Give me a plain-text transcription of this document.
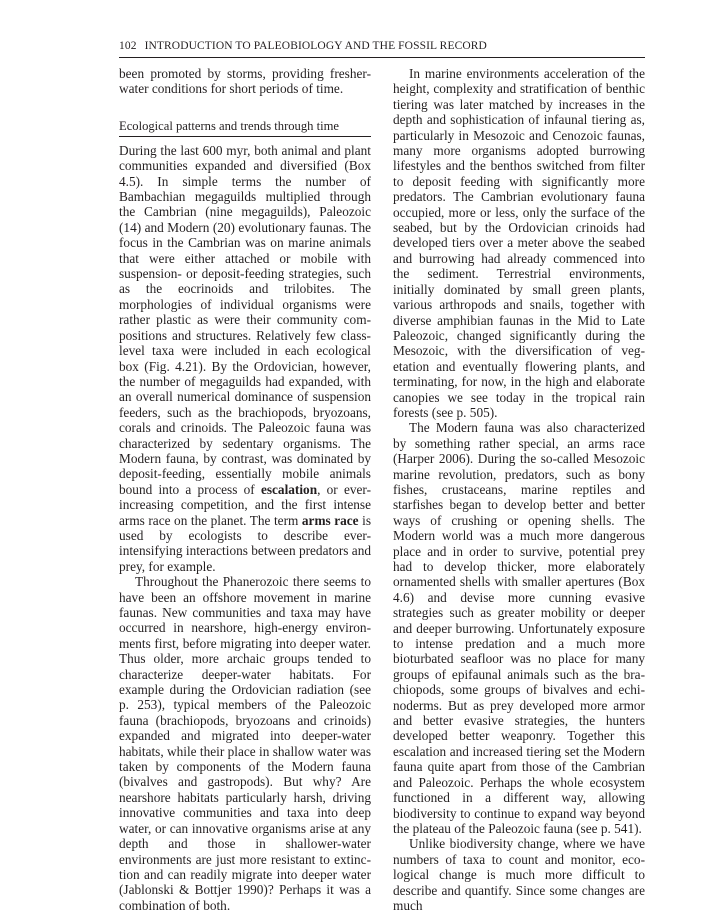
102 INTRODUCTION TO PALEOBIOLOGY AND THE FOSSIL RECORD

been promoted by storms, providing fresher-water conditions for short periods of time.

Ecological patterns and trends through time

During the last 600 myr, both animal and plant communities expanded and diversified (Box 4.5). In simple terms the number of Bambachian megaguilds multiplied through the Cambrian (nine megaguilds), Paleozoic (14) and Modern (20) evolutionary faunas. The focus in the Cambrian was on marine animals that were either attached or mobile with suspension- or deposit-feeding strategies, such as the eocrinoids and trilobites. The morphologies of individual organisms were rather plastic as were their community compositions and structures. Relatively few class-level taxa were included in each ecological box (Fig. 4.21). By the Ordovician, however, the number of megaguilds had expanded, with an overall numerical dominance of suspension feeders, such as the brachiopods, bryozoans, corals and crinoids. The Paleozoic fauna was characterized by sedentary organisms. The Modern fauna, by contrast, was dominated by deposit-feeding, essentially mobile animals bound into a process of escalation, or ever-increasing competition, and the first intense arms race on the planet. The term arms race is used by ecologists to describe ever-intensifying interactions between predators and prey, for example.

Throughout the Phanerozoic there seems to have been an offshore movement in marine faunas. New communities and taxa may have occurred in nearshore, high-energy environments first, before migrating into deeper water. Thus older, more archaic groups tended to characterize deeper-water habitats. For example during the Ordovician radiation (see p. 253), typical members of the Paleozoic fauna (brachiopods, bryozoans and crinoids) expanded and migrated into deeper-water habitats, while their place in shallow water was taken by components of the Modern fauna (bivalves and gastropods). But why? Are nearshore habitats particularly harsh, driving innovative communities and taxa into deep water, or can innovative organisms arise at any depth and those in shallower-water environments are just more resistant to extinction and can readily migrate into deeper water (Jablonski & Bottjer 1990)? Perhaps it was a combination of both.

In marine environments acceleration of the height, complexity and stratification of benthic tiering was later matched by increases in the depth and sophistication of infaunal tiering as, particularly in Mesozoic and Cenozoic faunas, many more organisms adopted burrowing lifestyles and the benthos switched from filter to deposit feeding with significantly more predators. The Cambrian evolutionary fauna occupied, more or less, only the surface of the seabed, but by the Ordovician crinoids had developed tiers over a meter above the seabed and burrowing had already commenced into the sediment. Terrestrial environments, initially dominated by small green plants, various arthropods and snails, together with diverse amphibian faunas in the Mid to Late Paleozoic, changed significantly during the Mesozoic, with the diversification of vegetation and eventually flowering plants, and terminating, for now, in the high and elaborate canopies we see today in the tropical rain forests (see p. 505).

The Modern fauna was also characterized by something rather special, an arms race (Harper 2006). During the so-called Mesozoic marine revolution, predators, such as bony fishes, crustaceans, marine reptiles and starfishes began to develop better and better ways of crushing or opening shells. The Modern world was a much more dangerous place and in order to survive, potential prey had to develop thicker, more elaborately ornamented shells with smaller apertures (Box 4.6) and devise more cunning evasive strategies such as greater mobility or deeper and deeper burrowing. Unfortunately exposure to intense predation and a much more bioturbated seafloor was no place for many groups of epifaunal animals such as the brachiopods, some groups of bivalves and echinoderms. But as prey developed more armor and better evasive strategies, the hunters developed better weaponry. Together this escalation and increased tiering set the Modern fauna quite apart from those of the Cambrian and Paleozoic. Perhaps the whole ecosystem functioned in a different way, allowing biodiversity to continue to expand way beyond the plateau of the Paleozoic fauna (see p. 541).

Unlike biodiversity change, where we have numbers of taxa to count and monitor, ecological change is much more difficult to describe and quantify. Since some changes are much
